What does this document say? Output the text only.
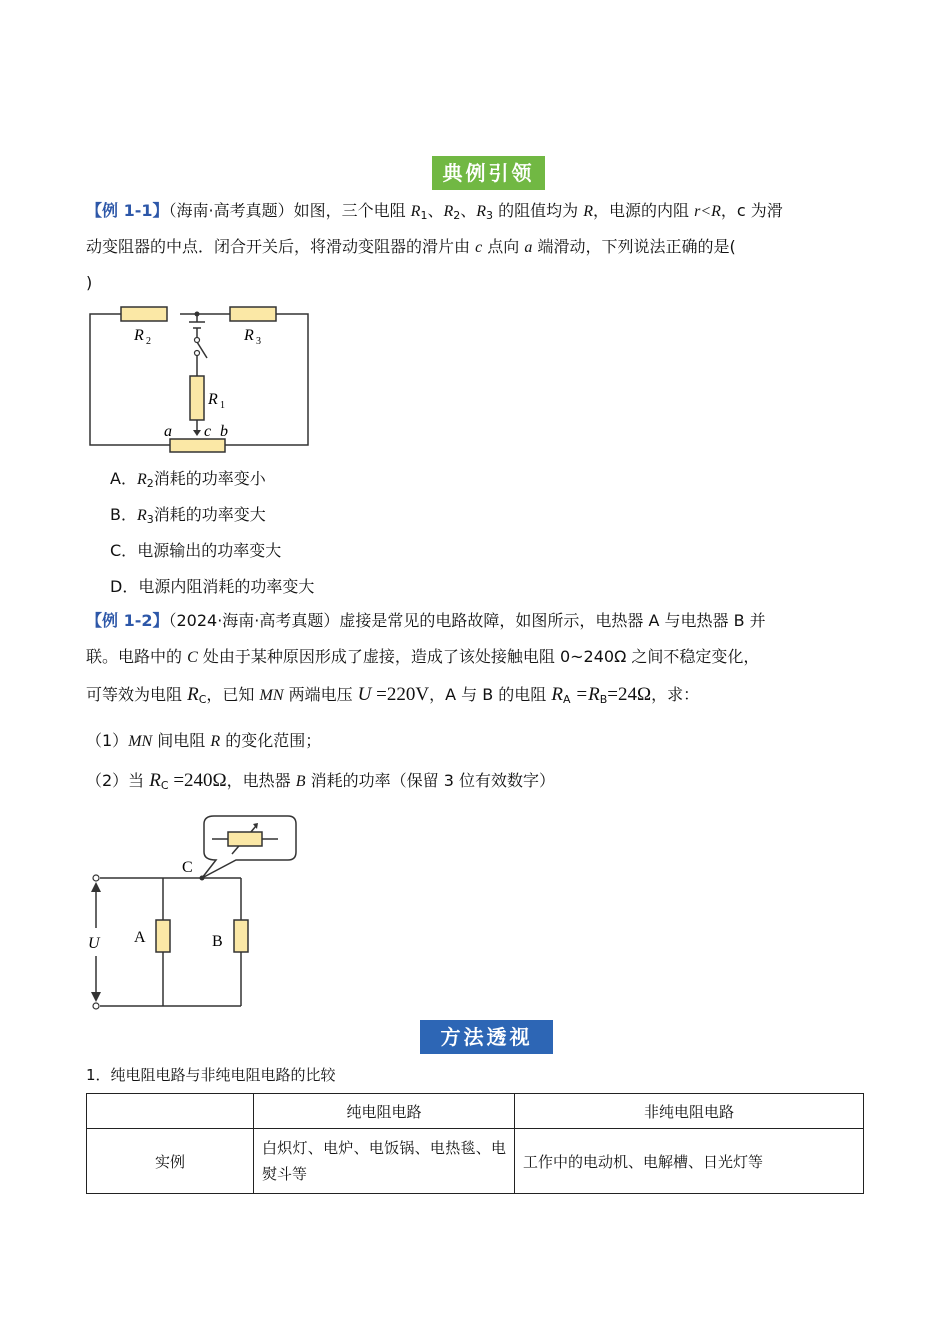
典例引领
【例 1-1】（海南·高考真题）如图，三个电阻 $R_1$、$R_2$、$R_3$ 的阻值均为 R，电源的内阻 r<R，c 为滑
动变阻器的中点．闭合开关后，将滑动变阻器的滑片由 c 点向 a 端滑动，下列说法正确的是(
)
R 2	R 3
R 1
a c b
A．$R_2$消耗的功率变小
B．$R_3$消耗的功率变大
C．电源输出的功率变大
D．电源内阻消耗的功率变大
【例 1-2】（2024·海南·高考真题）虚接是常见的电路故障，如图所示，电热器 A 与电热器 B 并
联。电路中的 C 处由于某种原因形成了虚接，造成了该处接触电阻 0~240Ω 之间不稳定变化，
可等效为电阻 $R_C$，已知 MN 两端电压 U =220V，A 与 B 的电阻 $R_A =R_B=24\Omega$，求：
（1）MN 间电阻 R 的变化范围；
（2）当 $R_C =240\Omega$，电热器 B 消耗的功率（保留 3 位有效数字）
C
U A	B
方法透视
1．纯电阻电路与非纯电阻电路的比较
	纯电阻电路	非纯电阻电路
实例	白炽灯、电炉、电饭锅、电热毯、电熨斗等	工作中的电动机、电解槽、日光灯等
